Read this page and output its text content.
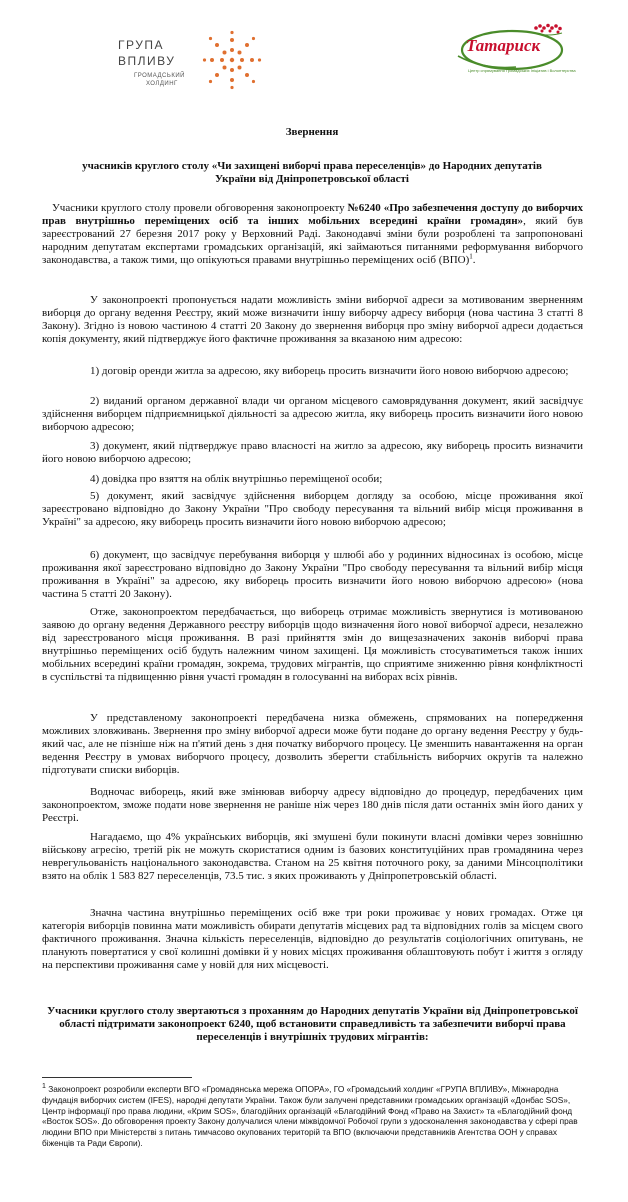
ГРУПА
ВПЛИВУ
ГРОМАДСЬКИЙ
ХОЛДИНГ
Таmариск
Центр спрямування Громадських Ініціатив і Волонтерства

Звернення

учасників круглого столу «Чи захищені виборчі права переселенців» до Народних депутатів
України від Дніпропетровської області

Учасники круглого столу провели обговорення законопроекту №6240 «Про забезпечення доступу до виборчих прав внутрішньо переміщених осіб та інших мобільних всередині країни громадян», який був зареєстрований 27 березня 2017 року у Верховний Раді. Законодавчі зміни були розроблені та запропоновані народним депутатам експертами громадських організацій, які займаються питаннями реформування виборчого законодавства, а також тими, що опікуються правами внутрішньо переміщених осіб (ВПО)$^1$.

У законопроекті пропонується надати можливість зміни виборчої адреси за мотивованим зверненням виборця до органу ведення Реєстру, який може визначити іншу виборчу адресу виборця (нова частина 3 статті 8 Закону). Згідно із новою частиною 4 статті 20 Закону до звернення виборця про зміну виборчої адреси додається копія документу, який підтверджує його фактичне проживання за вказаною ним адресою:

1) договір оренди житла за адресою, яку виборець просить визначити його новою виборчою адресою;

2) виданий органом державної влади чи органом місцевого самоврядування документ, який засвідчує здійснення виборцем підприємницької діяльності за адресою житла, яку виборець просить визначити його новою виборчою адресою;

3) документ, який підтверджує право власності на житло за адресою, яку виборець просить визначити його новою виборчою адресою;

4) довідка про взяття на облік внутрішньо переміщеної особи;

5) документ, який засвідчує здійснення виборцем догляду за особою, місце проживання якої зареєстровано відповідно до Закону України "Про свободу пересування та вільний вибір місця проживання в Україні" за адресою, яку виборець просить визначити його новою виборчою адресою;

6) документ, що засвідчує перебування виборця у шлюбі або у родинних відносинах із особою, місце проживання якої зареєстровано відповідно до Закону України "Про свободу пересування та вільний вибір місця проживання в Україні" за адресою, яку виборець просить визначити його новою виборчою адресою» (нова частина 5 статті 20 Закону).

Отже, законопроектом передбачається, що виборець отримає можливість звернутися із мотивованою заявою до органу ведення Державного реєстру виборців щодо визначення його нової виборчої адреси, незалежно від зареєстрованого місця проживання. В разі прийняття змін до вищезазначених законів виборчі права внутрішньо переміщених осіб будуть належним чином захищені. Ця можливість стосуватиметься також інших мобільних всередині країни громадян, зокрема, трудових мігрантів, що сприятиме зниженню рівня конфліктності в суспільстві та підвищенню рівня участі громадян в голосуванні на виборах всіх рівнів.

У представленому законопроекті передбачена низка обмежень, спрямованих на попередження можливих зловживань. Звернення про зміну виборчої адреси може бути подане до органу ведення Реєстру у будь-який час, але не пізніше ніж на п'ятий день з дня початку виборчого процесу. Це зменшить навантаження на орган ведення Реєстру в умовах виборчого процесу, дозволить зберегти стабільність виборчих округів та належно підготувати списки виборців.

Водночас виборець, який вже змінював виборчу адресу відповідно до процедур, передбачених цим законопроектом, зможе подати нове звернення не раніше ніж через 180 днів після дати останніх змін його даних у Реєстрі.

Нагадаємо, що 4% українських виборців, які змушені були покинути власні домівки через зовнішню військову агресію, третій рік не можуть скористатися одним із базових конституційних прав громадянина через неврегульованість національного законодавства. Станом на 25 квітня поточного року, за даними Мінсоцполітики взято на облік 1 583 827 переселенців, 73.5 тис. з яких проживають у Дніпропетровській області.

Значна частина внутрішньо переміщених осіб вже три роки проживає у нових громадах. Отже ця категорія виборців повинна мати можливість обирати депутатів місцевих рад та відповідних голів за місцем свого фактичного проживання. Значна кількість переселенців, відповідно до результатів соціологічних опитувань, не планують повертатися у свої колишні домівки й у нових місцях проживання облаштовують побут і життя з огляду на перспективи проживання саме у новій для них місцевості.

Учасники круглого столу звертаються з проханням до Народних депутатів України від Дніпропетровської області підтримати законопроект 6240, щоб встановити справедливість та забезпечити виборчі права переселенців і внутрішніх трудових мігрантів:

$^1$ Законопроект розробили експерти ВГО «Громадянська мережа ОПОРА», ГО «Громадський холдинг «ГРУПА ВПЛИВУ», Міжнародна фундація виборчих систем (IFES), народні депутати України. Також були залучені представники громадських організацій «Донбас SOS», Центр інформації про права людини, «Крим SOS», благодійних організацій «Благодійний Фонд «Право на Захист» та «Благодійний фонд «Восток SOS». До обговорення проекту Закону долучалися члени міжвідомчої Робочої групи з удосконалення законодавства у сфері прав людини ВПО при Міністерстві з питань тимчасово окупованих територій та ВПО (включаючи представників Агентства ООН у справах біженців та Ради Європи).
